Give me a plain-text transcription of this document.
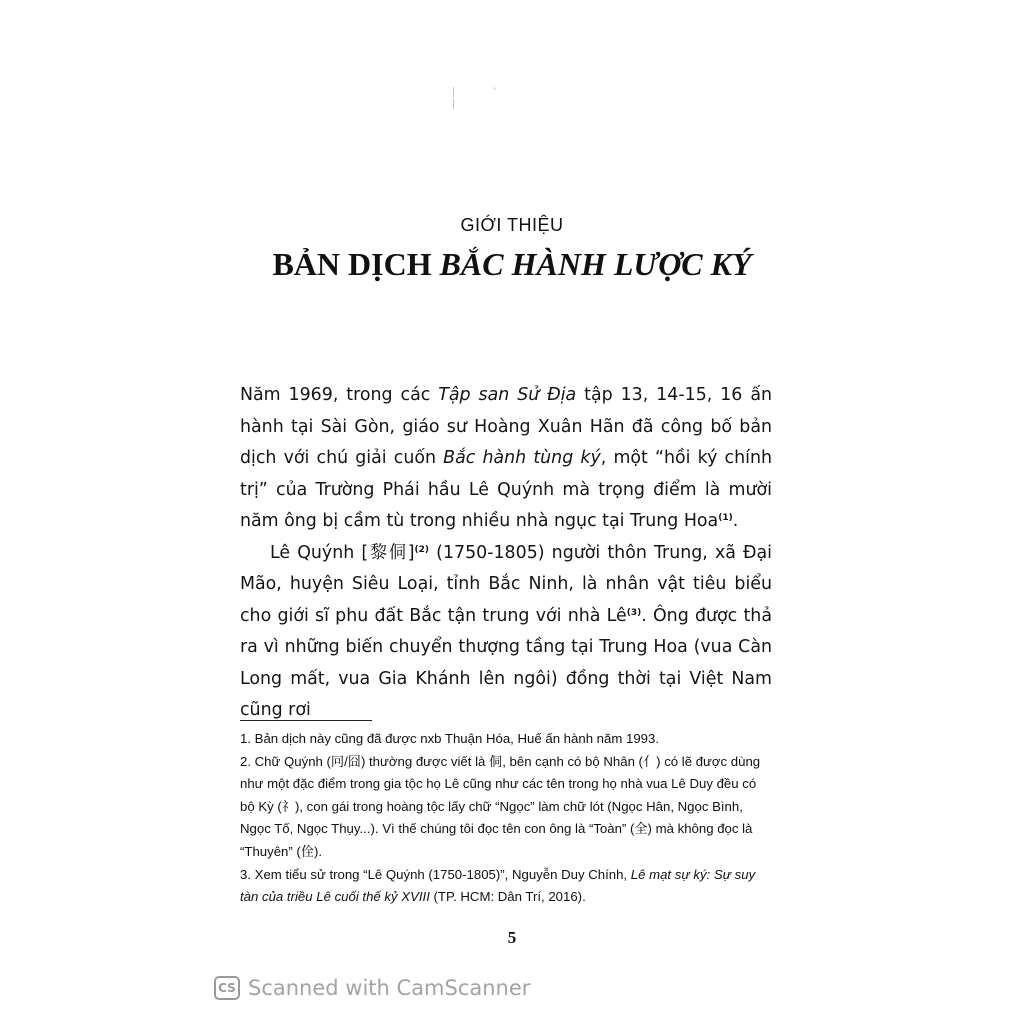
| ' |
GIỚI THIỆU
BẢN DỊCH BẮC HÀNH LƯỢC KÝ

Năm 1969, trong các Tập san Sử Địa tập 13, 14-15, 16 ấn hành tại Sài Gòn, giáo sư Hoàng Xuân Hãn đã công bố bản dịch với chú giải cuốn Bắc hành tùng ký, một “hồi ký chính trị” của Trường Phái hầu Lê Quýnh mà trọng điểm là mười năm ông bị cầm tù trong nhiều nhà ngục tại Trung Hoa$^{(1)}$.

Lê Quýnh [黎侗]$^{(2)}$ (1750-1805) người thôn Trung, xã Đại Mão, huyện Siêu Loại, tỉnh Bắc Ninh, là nhân vật tiêu biểu cho giới sĩ phu đất Bắc tận trung với nhà $Lê^{(3)}$. Ông được thả ra vì những biến chuyển thượng tầng tại Trung Hoa (vua Càn Long mất, vua Gia Khánh lên ngôi) đồng thời tại Việt Nam cũng rơi

1. Bản dịch này cũng đã được nxb Thuận Hóa, Huế ấn hành năm 1993.

2. Chữ Quýnh (冋/囧) thường được viết là 侗, bên cạnh có bộ Nhân (亻) có lẽ được dùng như một đặc điểm trong gia tộc họ Lê cũng như các tên trong họ nhà vua Lê Duy đều có bộ Kỳ (礻), con gái trong hoàng tộc lấy chữ “Ngọc” làm chữ lót (Ngọc Hân, Ngọc Bình, Ngọc Tố, Ngọc Thụy...). Vì thế chúng tôi đọc tên con ông là “Toàn” (全) mà không đọc là “Thuyên” (佺).

3. Xem tiểu sử trong “Lê Quýnh (1750-1805)”, Nguyễn Duy Chính, Lê mạt sự ký: Sự suy tàn của triều Lê cuối thế kỷ XVIII (TP. HCM: Dân Trí, 2016).

5
CS Scanned with CamScanner
